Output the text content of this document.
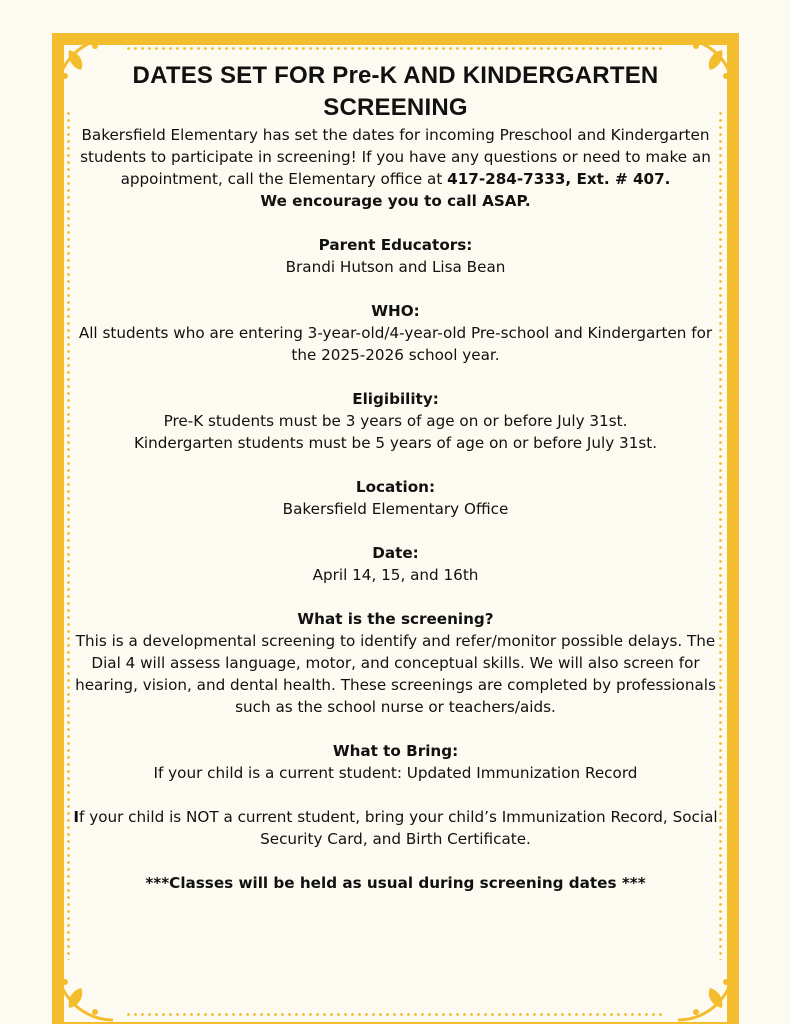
DATES SET FOR Pre-K AND KINDERGARTEN SCREENING

Bakersfield Elementary has set the dates for incoming Preschool and Kindergarten students to participate in screening! If you have any questions or need to make an appointment, call the Elementary office at 417-284-7333, Ext. # 407.

We encourage you to call ASAP.

Parent Educators:

Brandi Hutson and Lisa Bean

WHO:

All students who are entering 3-year-old/4-year-old Pre-school and Kindergarten for the 2025-2026 school year.

Eligibility:

Pre-K students must be 3 years of age on or before July 31st.

Kindergarten students must be 5 years of age on or before July 31st.

Location:

Bakersfield Elementary Office

Date:

April 14, 15, and 16th

What is the screening?

This is a developmental screening to identify and refer/monitor possible delays. The Dial 4 will assess language, motor, and conceptual skills. We will also screen for hearing, vision, and dental health. These screenings are completed by professionals such as the school nurse or teachers/aids.

What to Bring:

If your child is a current student: Updated Immunization Record

If your child is NOT a current student, bring your child’s Immunization Record, Social Security Card, and Birth Certificate.

***Classes will be held as usual during screening dates ***
